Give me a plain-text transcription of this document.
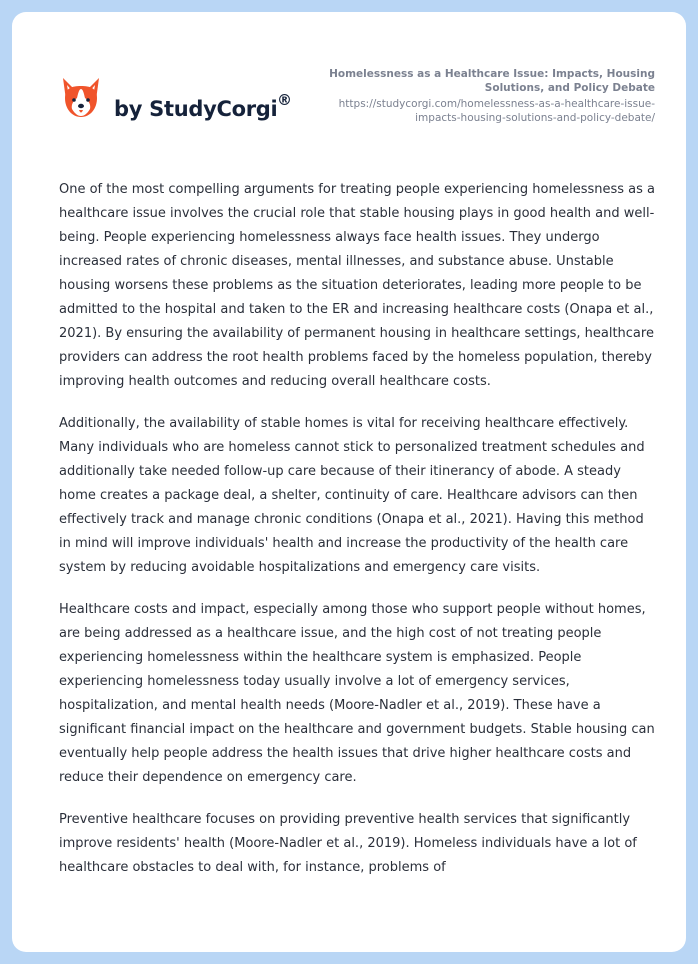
by StudyCorgi ®

Homelessness as a Healthcare Issue: Impacts, Housing Solutions, and Policy Debate

https://studycorgi.com/homelessness-as-a-healthcare-issue-impacts-housing-solutions-and-policy-debate/

One of the most compelling arguments for treating people experiencing homelessness as a healthcare issue involves the crucial role that stable housing plays in good health and well-being. People experiencing homelessness always face health issues. They undergo increased rates of chronic diseases, mental illnesses, and substance abuse. Unstable housing worsens these problems as the situation deteriorates, leading more people to be admitted to the hospital and taken to the ER and increasing healthcare costs (Onapa et al., 2021). By ensuring the availability of permanent housing in healthcare settings, healthcare providers can address the root health problems faced by the homeless population, thereby improving health outcomes and reducing overall healthcare costs.

Additionally, the availability of stable homes is vital for receiving healthcare effectively. Many individuals who are homeless cannot stick to personalized treatment schedules and additionally take needed follow-up care because of their itinerancy of abode. A steady home creates a package deal, a shelter, continuity of care. Healthcare advisors can then effectively track and manage chronic conditions (Onapa et al., 2021). Having this method in mind will improve individuals' health and increase the productivity of the health care system by reducing avoidable hospitalizations and emergency care visits.

Healthcare costs and impact, especially among those who support people without homes, are being addressed as a healthcare issue, and the high cost of not treating people experiencing homelessness within the healthcare system is emphasized. People experiencing homelessness today usually involve a lot of emergency services, hospitalization, and mental health needs (Moore-Nadler et al., 2019). These have a significant financial impact on the healthcare and government budgets. Stable housing can eventually help people address the health issues that drive higher healthcare costs and reduce their dependence on emergency care.

Preventive healthcare focuses on providing preventive health services that significantly improve residents' health (Moore-Nadler et al., 2019). Homeless individuals have a lot of healthcare obstacles to deal with, for instance, problems of
